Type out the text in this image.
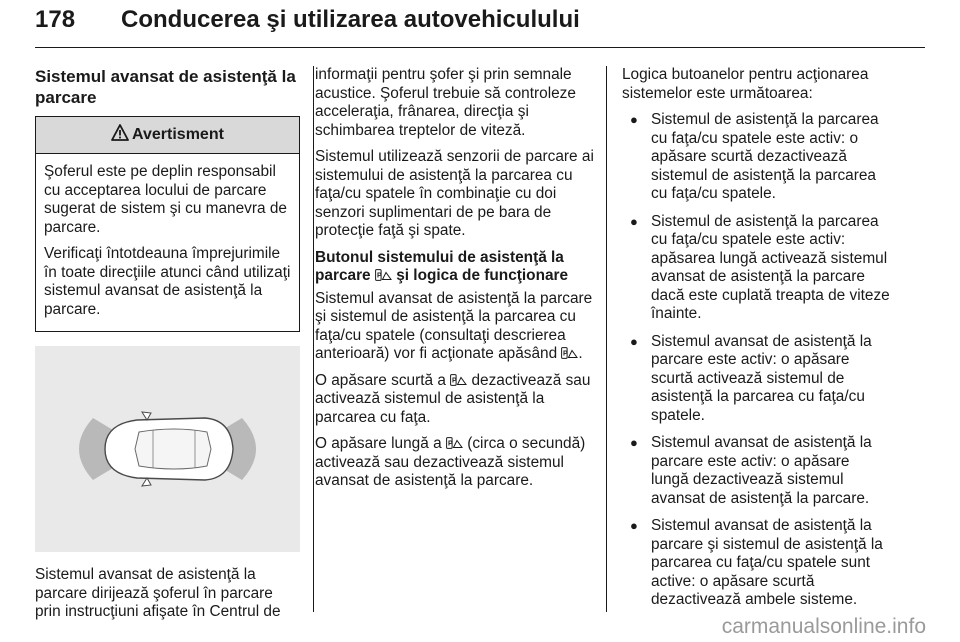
178 Conducerea şi utilizarea autovehiculului
Sistemul avansat de asistenţă la parcare
Avertisment

Şoferul este pe deplin responsabil cu acceptarea locului de parcare sugerat de sistem şi cu manevra de parcare.

Verificaţi întotdeauna împrejurimile în toate direcţiile atunci când utilizaţi sistemul avansat de asistenţă la parcare.

Sistemul avansat de asistenţă la parcare dirijează şoferul în parcare prin instrucţiuni afişate în Centrul de

informaţii pentru şofer şi prin semnale acustice. Şoferul trebuie să controleze acceleraţia, frânarea, direcţia şi schimbarea treptelor de viteză.

Sistemul utilizează senzorii de parcare ai sistemului de asistenţă la parcarea cu faţa/cu spatele în combinaţie cu doi senzori suplimentari de pe bara de protecţie faţă şi spate.

Butonul sistemului de asistenţă la parcare şi logica de funcţionare

Sistemul avansat de asistenţă la parcare şi sistemul de asistenţă la parcarea cu faţa/cu spatele (consultaţi descrierea anterioară) vor fi acţionate apăsând .

O apăsare scurtă a dezactivează sau activează sistemul de asistenţă la parcarea cu faţa.

O apăsare lungă a (circa o secundă) activează sau dezactivează sistemul avansat de asistenţă la parcare.

Logica butoanelor pentru acţionarea sistemelor este următoarea:

● Sistemul de asistenţă la parcarea cu faţa/cu spatele este activ: o apăsare scurtă dezactivează sistemul de asistenţă la parcarea cu faţa/cu spatele.
● Sistemul de asistenţă la parcarea cu faţa/cu spatele este activ: apăsarea lungă activează sistemul avansat de asistenţă la parcare dacă este cuplată treapta de viteze înainte.
● Sistemul avansat de asistenţă la parcare este activ: o apăsare scurtă activează sistemul de asistenţă la parcarea cu faţa/cu spatele.
● Sistemul avansat de asistenţă la parcare este activ: o apăsare lungă dezactivează sistemul avansat de asistenţă la parcare.
● Sistemul avansat de asistenţă la parcare şi sistemul de asistenţă la parcarea cu faţa/cu spatele sunt active: o apăsare scurtă dezactivează ambele sisteme.
carmanualsonline.info
